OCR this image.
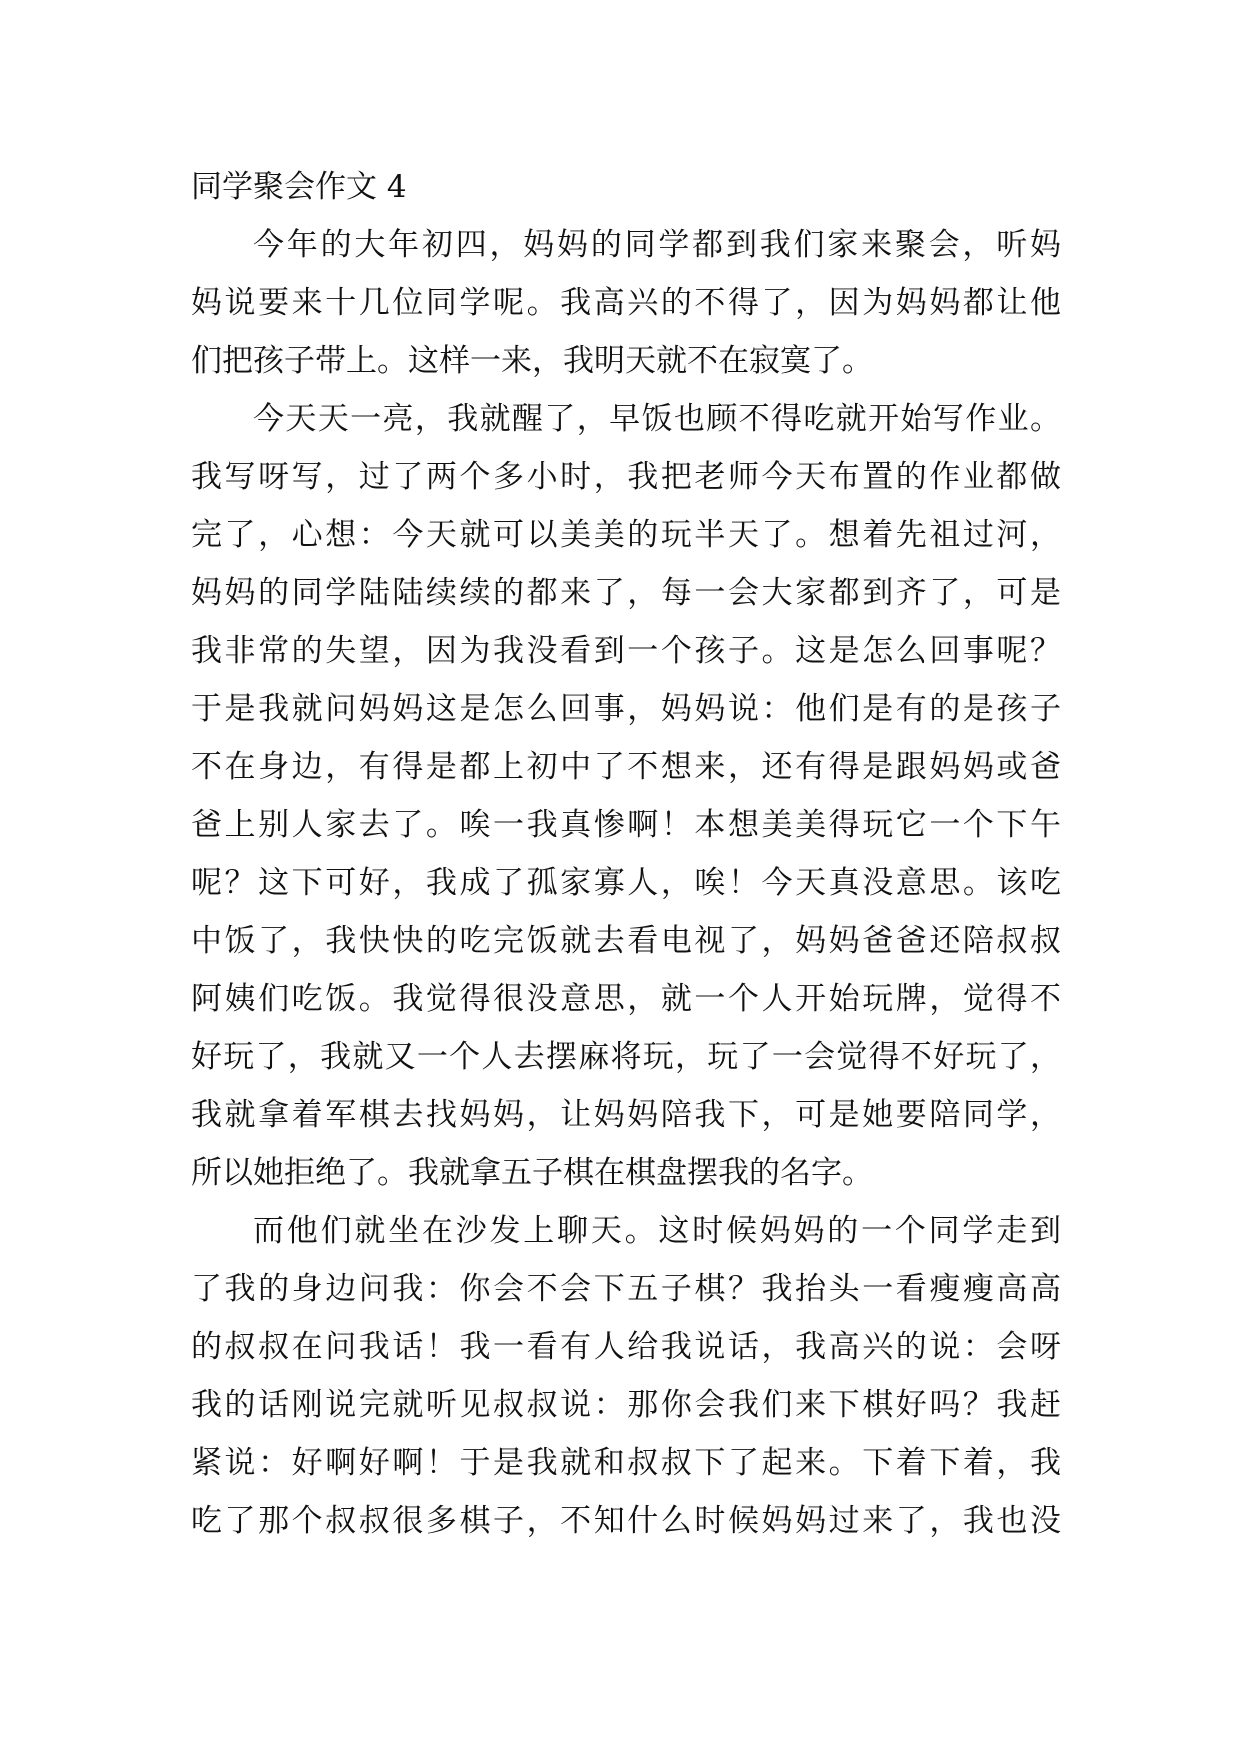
同学聚会作文 4
今年的大年初四，妈妈的同学都到我们家来聚会，听妈
妈说要来十几位同学呢。我高兴的不得了，因为妈妈都让他
们把孩子带上。这样一来，我明天就不在寂寞了。
今天天一亮，我就醒了，早饭也顾不得吃就开始写作业。
我写呀写，过了两个多小时，我把老师今天布置的作业都做
完了，心想：今天就可以美美的玩半天了。想着先祖过河，
妈妈的同学陆陆续续的都来了，每一会大家都到齐了，可是
我非常的失望，因为我没看到一个孩子。这是怎么回事呢？
于是我就问妈妈这是怎么回事，妈妈说：他们是有的是孩子
不在身边，有得是都上初中了不想来，还有得是跟妈妈或爸
爸上别人家去了。唉一我真惨啊！本想美美得玩它一个下午
呢？这下可好，我成了孤家寡人，唉！今天真没意思。该吃
中饭了，我快快的吃完饭就去看电视了，妈妈爸爸还陪叔叔
阿姨们吃饭。我觉得很没意思，就一个人开始玩牌，觉得不
好玩了，我就又一个人去摆麻将玩，玩了一会觉得不好玩了，
我就拿着军棋去找妈妈，让妈妈陪我下，可是她要陪同学，
所以她拒绝了。我就拿五子棋在棋盘摆我的名字。
而他们就坐在沙发上聊天。这时候妈妈的一个同学走到
了我的身边问我：你会不会下五子棋？我抬头一看瘦瘦高高
的叔叔在问我话！我一看有人给我说话，我高兴的说：会呀
我的话刚说完就听见叔叔说：那你会我们来下棋好吗？我赶
紧说：好啊好啊！于是我就和叔叔下了起来。下着下着，我
吃了那个叔叔很多棋子，不知什么时候妈妈过来了，我也没
